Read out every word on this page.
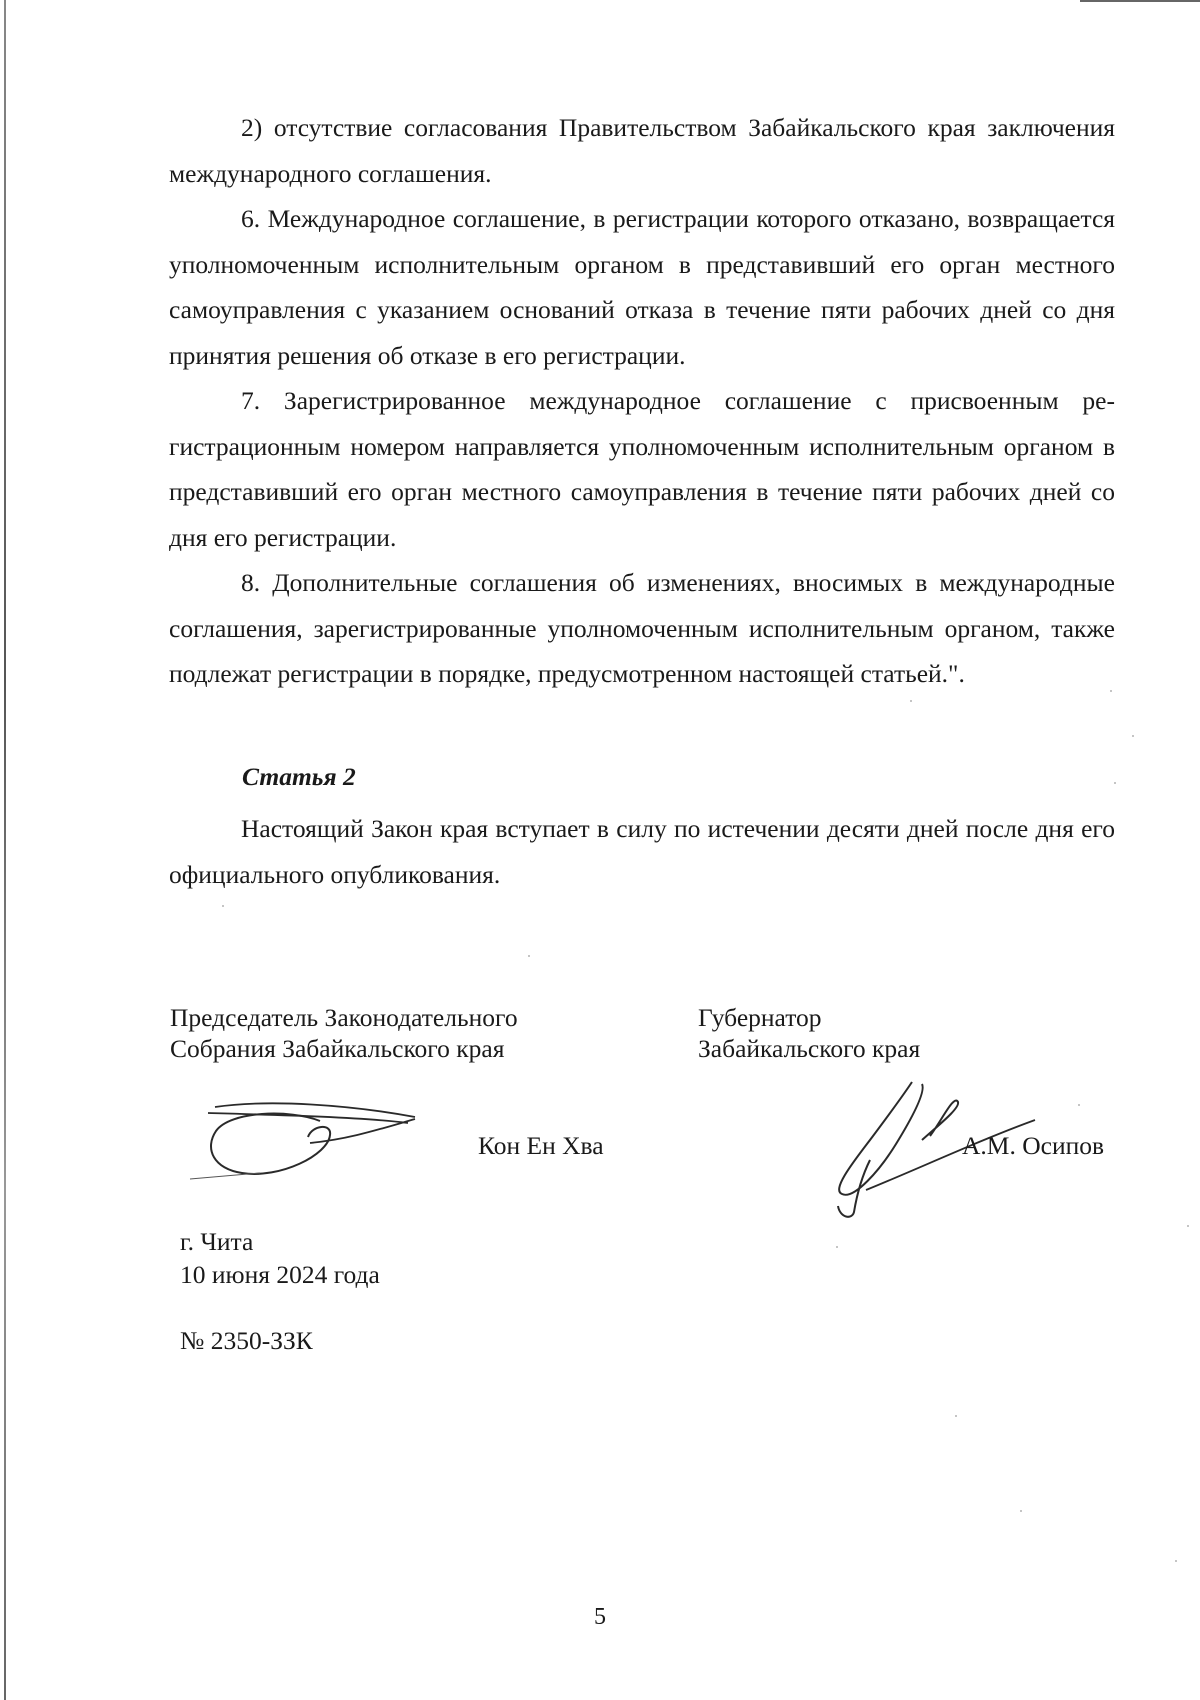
2) отсутствие согласования Правительством Забайкальского края заключения международного соглашения.

6. Международное соглашение, в регистрации которого отказано, возвращается уполномоченным исполнительным органом в представивший его орган местного самоуправления с указанием оснований отказа в течение пяти рабочих дней со дня принятия решения об отказе в его регистрации.

7. Зарегистрированное международное соглашение с присвоенным регистрационным номером направляется уполномоченным исполнительным органом в представивший его орган местного самоуправления в течение пяти рабочих дней со дня его регистрации.

8. Дополнительные соглашения об изменениях, вносимых в международные соглашения, зарегистрированные уполномоченным исполнительным органом, также подлежат регистрации в порядке, предусмотренном настоящей статьей.".

Статья 2

Настоящий Закон края вступает в силу по истечении десяти дней после дня его официального опубликования.

Председатель Законодательного
Собрания Забайкальского края
Кон Ен Хва
Губернатор
Забайкальского края
А.М. Осипов
г. Чита
10 июня 2024 года
№ 2350-ЗЗК
5
